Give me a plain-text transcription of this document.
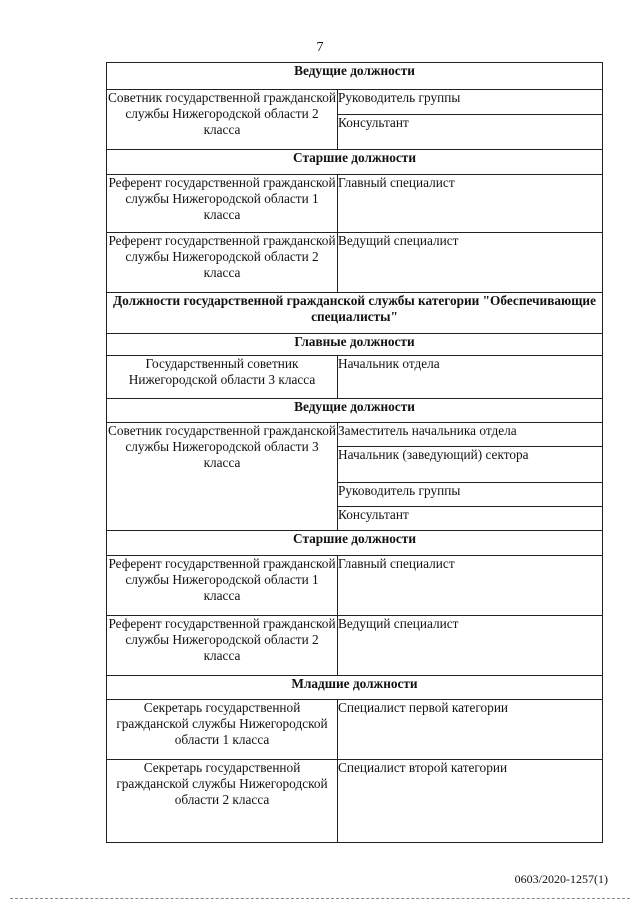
7
Ведущие должности	
Советник государственной гражданской службы Нижегородской области 2 класса	Руководитель группы
	Консультант
Старшие должности	
Референт государственной гражданской службы Нижегородской области 1 класса	Главный специалист
Референт государственной гражданской службы Нижегородской области 2 класса	Ведущий специалист
Должности государственной гражданской службы категории "Обеспечивающие специалисты"	
Главные должности	
Государственный советник Нижегородской области 3 класса	Начальник отдела
Ведущие должности	
Советник государственной гражданской службы Нижегородской области 3 класса	Заместитель начальника отдела
	Начальник (заведующий) сектора
	Руководитель группы
	Консультант
Старшие должности	
Референт государственной гражданской службы Нижегородской области 1 класса	Главный специалист
Референт государственной гражданской службы Нижегородской области 2 класса	Ведущий специалист
Младшие должности	
Секретарь государственной гражданской службы Нижегородской области 1 класса	Специалист первой категории
Секретарь государственной гражданской службы Нижегородской области 2 класса	Специалист второй категории
0603/2020-1257(1)
